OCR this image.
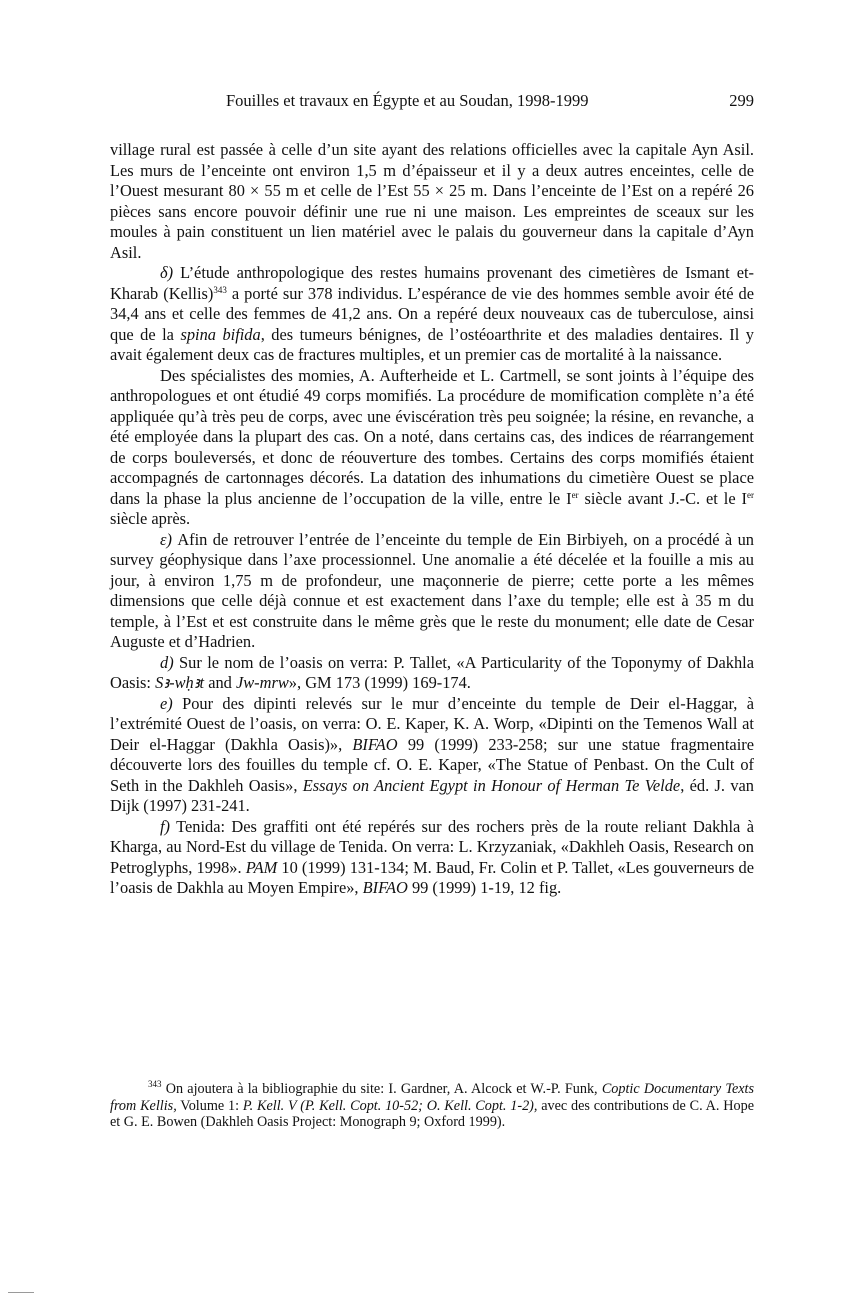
Fouilles et travaux en Égypte et au Soudan, 1998-1999	299

village rural est passée à celle d’un site ayant des relations officielles avec la capitale Ayn Asil. Les murs de l’enceinte ont environ 1,5 m d’épaisseur et il y a deux autres enceintes, celle de l’Ouest mesurant 80 × 55 m et celle de l’Est 55 × 25 m. Dans l’enceinte de l’Est on a repéré 26 pièces sans encore pouvoir définir une rue ni une maison. Les empreintes de sceaux sur les moules à pain constituent un lien matériel avec le palais du gouverneur dans la capitale d’Ayn Asil.

δ) L’étude anthropologique des restes humains provenant des cimetières de Ismant et-Kharab (Kellis)$^{343}$ a porté sur 378 individus. L’espérance de vie des hommes semble avoir été de 34,4 ans et celle des femmes de 41,2 ans. On a repéré deux nouveaux cas de tuberculose, ainsi que de la spina bifida, des tumeurs bénignes, de l’ostéoarthrite et des maladies dentaires. Il y avait également deux cas de fractures multiples, et un premier cas de mortalité à la naissance.

Des spécialistes des momies, A. Aufterheide et L. Cartmell, se sont joints à l’équipe des anthropologues et ont étudié 49 corps momifiés. La procédure de momification complète n’a été appliquée qu’à très peu de corps, avec une éviscération très peu soignée; la résine, en revanche, a été employée dans la plupart des cas. On a noté, dans certains cas, des indices de réarrangement de corps bouleversés, et donc de réouverture des tombes. Certains des corps momifiés étaient accompagnés de cartonnages décorés. La datation des inhumations du cimetière Ouest se place dans la phase la plus ancienne de l’occupation de la ville, entre le Ier siècle avant J.-C. et le Ier siècle après.

ε) Afin de retrouver l’entrée de l’enceinte du temple de Ein Birbiyeh, on a procédé à un survey géophysique dans l’axe processionnel. Une anomalie a été décelée et la fouille a mis au jour, à environ 1,75 m de profondeur, une maçonnerie de pierre; cette porte a les mêmes dimensions que celle déjà connue et est exactement dans l’axe du temple; elle est à 35 m du temple, à l’Est et est construite dans le même grès que le reste du monument; elle date de Cesar Auguste et d’Hadrien.

d) Sur le nom de l’oasis on verra: P. Tallet, «A Particularity of the Toponymy of Dakhla Oasis: Sꜣ-wḥꜣt and Jw-mrw», GM 173 (1999) 169-174.

e) Pour des dipinti relevés sur le mur d’enceinte du temple de Deir el-Haggar, à l’extrémité Ouest de l’oasis, on verra: O. E. Kaper, K. A. Worp, «Dipinti on the Temenos Wall at Deir el-Haggar (Dakhla Oasis)», BIFAO 99 (1999) 233-258; sur une statue fragmentaire découverte lors des fouilles du temple cf. O. E. Kaper, «The Statue of Penbast. On the Cult of Seth in the Dakhleh Oasis», Essays on Ancient Egypt in Honour of Herman Te Velde, éd. J. van Dijk (1997) 231-241.

f) Tenida: Des graffiti ont été repérés sur des rochers près de la route reliant Dakhla à Kharga, au Nord-Est du village de Tenida. On verra: L. Krzyzaniak, «Dakhleh Oasis, Research on Petroglyphs, 1998». PAM 10 (1999) 131-134; M. Baud, Fr. Colin et P. Tallet, «Les gouverneurs de l’oasis de Dakhla au Moyen Empire», BIFAO 99 (1999) 1-19, 12 fig.

$^{343}$ On ajoutera à la bibliographie du site: I. Gardner, A. Alcock et W.-P. Funk, Coptic Documentary Texts from Kellis, Volume 1: P. Kell. V (P. Kell. Copt. 10-52; O. Kell. Copt. 1-2), avec des contributions de C. A. Hope et G. E. Bowen (Dakhleh Oasis Project: Monograph 9; Oxford 1999).
